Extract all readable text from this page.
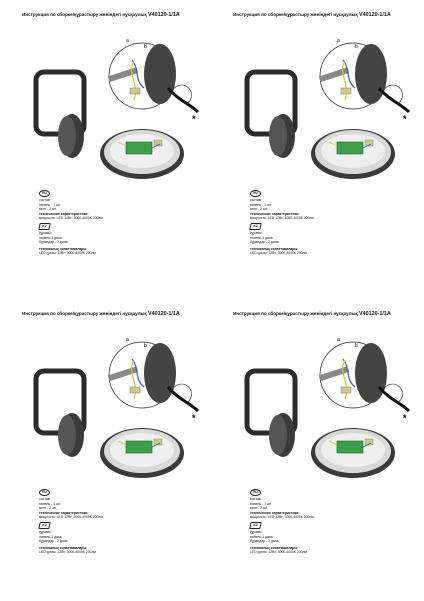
Инструкция по сборке/құрастыру жөніндегі нұсқаулық V40120-1/1A
a
b
*
RU
состав:
панель - 1 шт.
винт - 2 шт.
технические характеристики:
мощность: LED 12Вт; 3000-4000К 200лм
KZ
құрамы:
панель-1 дана
бұрандар - 2 дана
техникалық сипаттамалары:
LED қуаты: 12Вт; 3000-4000К 200лм
Инструкция по сборке/құрастыру жөніндегі нұсқаулық V40120-1/1A
a
b
*
RU
состав:
панель - 1 шт.
винт - 2 шт.
технические характеристики:
мощность: LED 12Вт; 3000-4000К 200лм
KZ
құрамы:
панель-1 дана
бұрандар - 2 дана
техникалық сипаттамалары:
LED қуаты: 12Вт; 3000-4000К 200лм
Инструкция по сборке/құрастыру жөніндегі нұсқаулық V40120-1/1A
a
b
*
RU
состав:
панель - 1 шт.
винт - 2 шт.
технические характеристики:
мощность: LED 12Вт; 3000-4000К 200лм
KZ
құрамы:
панель-1 дана
бұрандар - 2 дана
техникалық сипаттамалары:
LED қуаты: 12Вт; 3000-4000К 200лм
Инструкция по сборке/құрастыру жөніндегі нұсқаулық V40120-1/1A
a
b
*
RU
состав:
панель - 1 шт.
винт - 2 шт.
технические характеристики:
мощность: LED 12Вт; 3000-4000К 200лм
KZ
құрамы:
панель-1 дана
бұрандар - 2 дана
техникалық сипаттамалары:
LED қуаты: 12Вт; 3000-4000К 200лм
